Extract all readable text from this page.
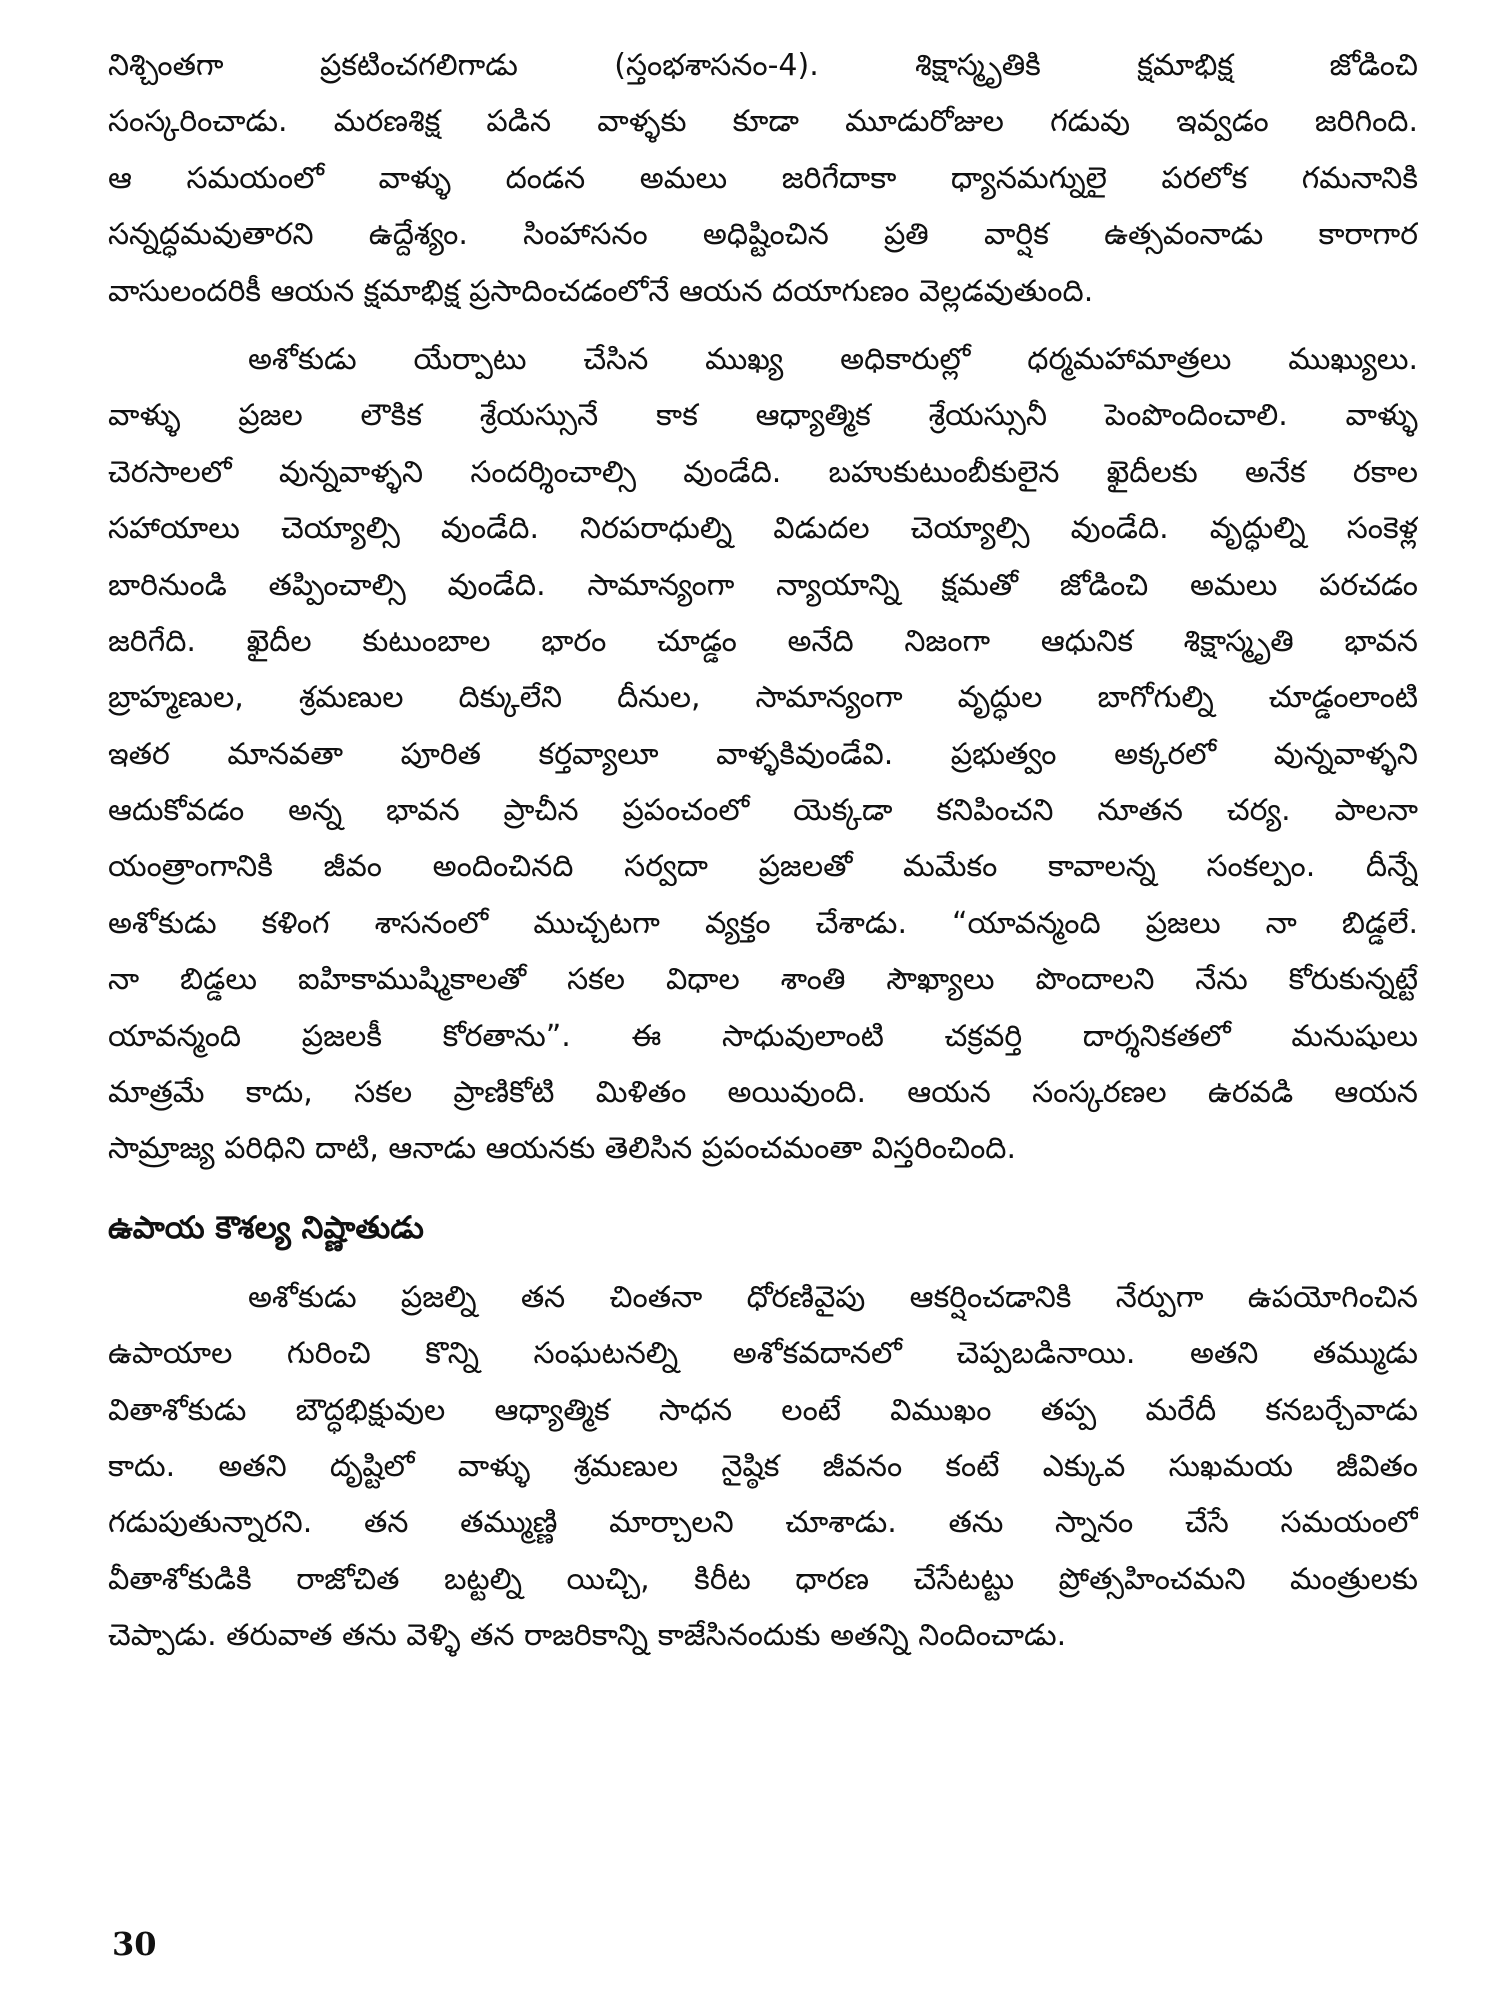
నిశ్చింతగా ప్రకటించగలిగాడు (స్తంభశాసనం-4). శిక్షాస్మృతికి క్షమాభిక్ష జోడించి
సంస్కరించాడు. మరణశిక్ష పడిన వాళ్ళకు కూడా మూడురోజుల గడువు ఇవ్వడం జరిగింది.
ఆ సమయంలో వాళ్ళు దండన అమలు జరిగేదాకా ధ్యానమగ్నులై పరలోక గమనానికి
సన్నద్ధమవుతారని ఉద్దేశ్యం. సింహాసనం అధిష్టించిన ప్రతి వార్షిక ఉత్సవంనాడు కారాగార
వాసులందరికీ ఆయన క్షమాభిక్ష ప్రసాదించడంలోనే ఆయన దయాగుణం వెల్లడవుతుంది.
అశోకుడు యేర్పాటు చేసిన ముఖ్య అధికారుల్లో ధర్మమహామాత్రలు ముఖ్యులు.
వాళ్ళు ప్రజల లౌకిక శ్రేయస్సునే కాక ఆధ్యాత్మిక శ్రేయస్సునీ పెంపొందించాలి. వాళ్ళు
చెరసాలలో వున్నవాళ్ళని సందర్శించాల్సి వుండేది. బహుకుటుంబీకులైన ఖైదీలకు అనేక రకాల
సహాయాలు చెయ్యాల్సి వుండేది. నిరపరాధుల్ని విడుదల చెయ్యాల్సి వుండేది. వృద్ధుల్ని సంకెళ్ల
బారినుండి తప్పించాల్సి వుండేది. సామాన్యంగా న్యాయాన్ని క్షమతో జోడించి అమలు పరచడం
జరిగేది. ఖైదీల కుటుంబాల భారం చూడ్డం అనేది నిజంగా ఆధునిక శిక్షాస్మృతి భావన
బ్రాహ్మణుల, శ్రమణుల దిక్కులేని దీనుల, సామాన్యంగా వృద్ధుల బాగోగుల్ని చూడ్డంలాంటి
ఇతర మానవతా పూరిత కర్తవ్యాలూ వాళ్ళకివుండేవి. ప్రభుత్వం అక్కరలో వున్నవాళ్ళని
ఆదుకోవడం అన్న భావన ప్రాచీన ప్రపంచంలో యెక్కడా కనిపించని నూతన చర్య. పాలనా
యంత్రాంగానికి జీవం అందించినది సర్వదా ప్రజలతో మమేకం కావాలన్న సంకల్పం. దీన్నే
అశోకుడు కళింగ శాసనంలో ముచ్చటగా వ్యక్తం చేశాడు. “యావన్మంది ప్రజలు నా బిడ్డలే.
నా బిడ్డలు ఐహికాముష్మికాలతో సకల విధాల శాంతి సౌఖ్యాలు పొందాలని నేను కోరుకున్నట్టే
యావన్మంది ప్రజలకీ కోరతాను”. ఈ సాధువులాంటి చక్రవర్తి దార్శనికతలో మనుషులు
మాత్రమే కాదు, సకల ప్రాణికోటి మిళితం అయివుంది. ఆయన సంస్కరణల ఉరవడి ఆయన
సామ్రాజ్య పరిధిని దాటి, ఆనాడు ఆయనకు తెలిసిన ప్రపంచమంతా విస్తరించింది.
ఉపాయ కౌశల్య నిష్ణాతుడు
అశోకుడు ప్రజల్ని తన చింతనా ధోరణివైపు ఆకర్షించడానికి నేర్పుగా ఉపయోగించిన
ఉపాయాల గురించి కొన్ని సంఘటనల్ని అశోకవదానలో చెప్పబడినాయి. అతని తమ్ముడు
వితాశోకుడు బౌద్ధభిక్షువుల ఆధ్యాత్మిక సాధన లంటే విముఖం తప్ప మరేదీ కనబర్చేవాడు
కాదు. అతని దృష్టిలో వాళ్ళు శ్రమణుల నైష్ఠిక జీవనం కంటే ఎక్కువ సుఖమయ జీవితం
గడుపుతున్నారని. తన తమ్ముణ్ణి మార్చాలని చూశాడు. తను స్నానం చేసే సమయంలో
వీతాశోకుడికి రాజోచిత బట్టల్ని యిచ్చి, కిరీట ధారణ చేసేటట్టు ప్రోత్సహించమని మంత్రులకు
చెప్పాడు. తరువాత తను వెళ్ళి తన రాజరికాన్ని కాజేసినందుకు అతన్ని నిందించాడు.
30
